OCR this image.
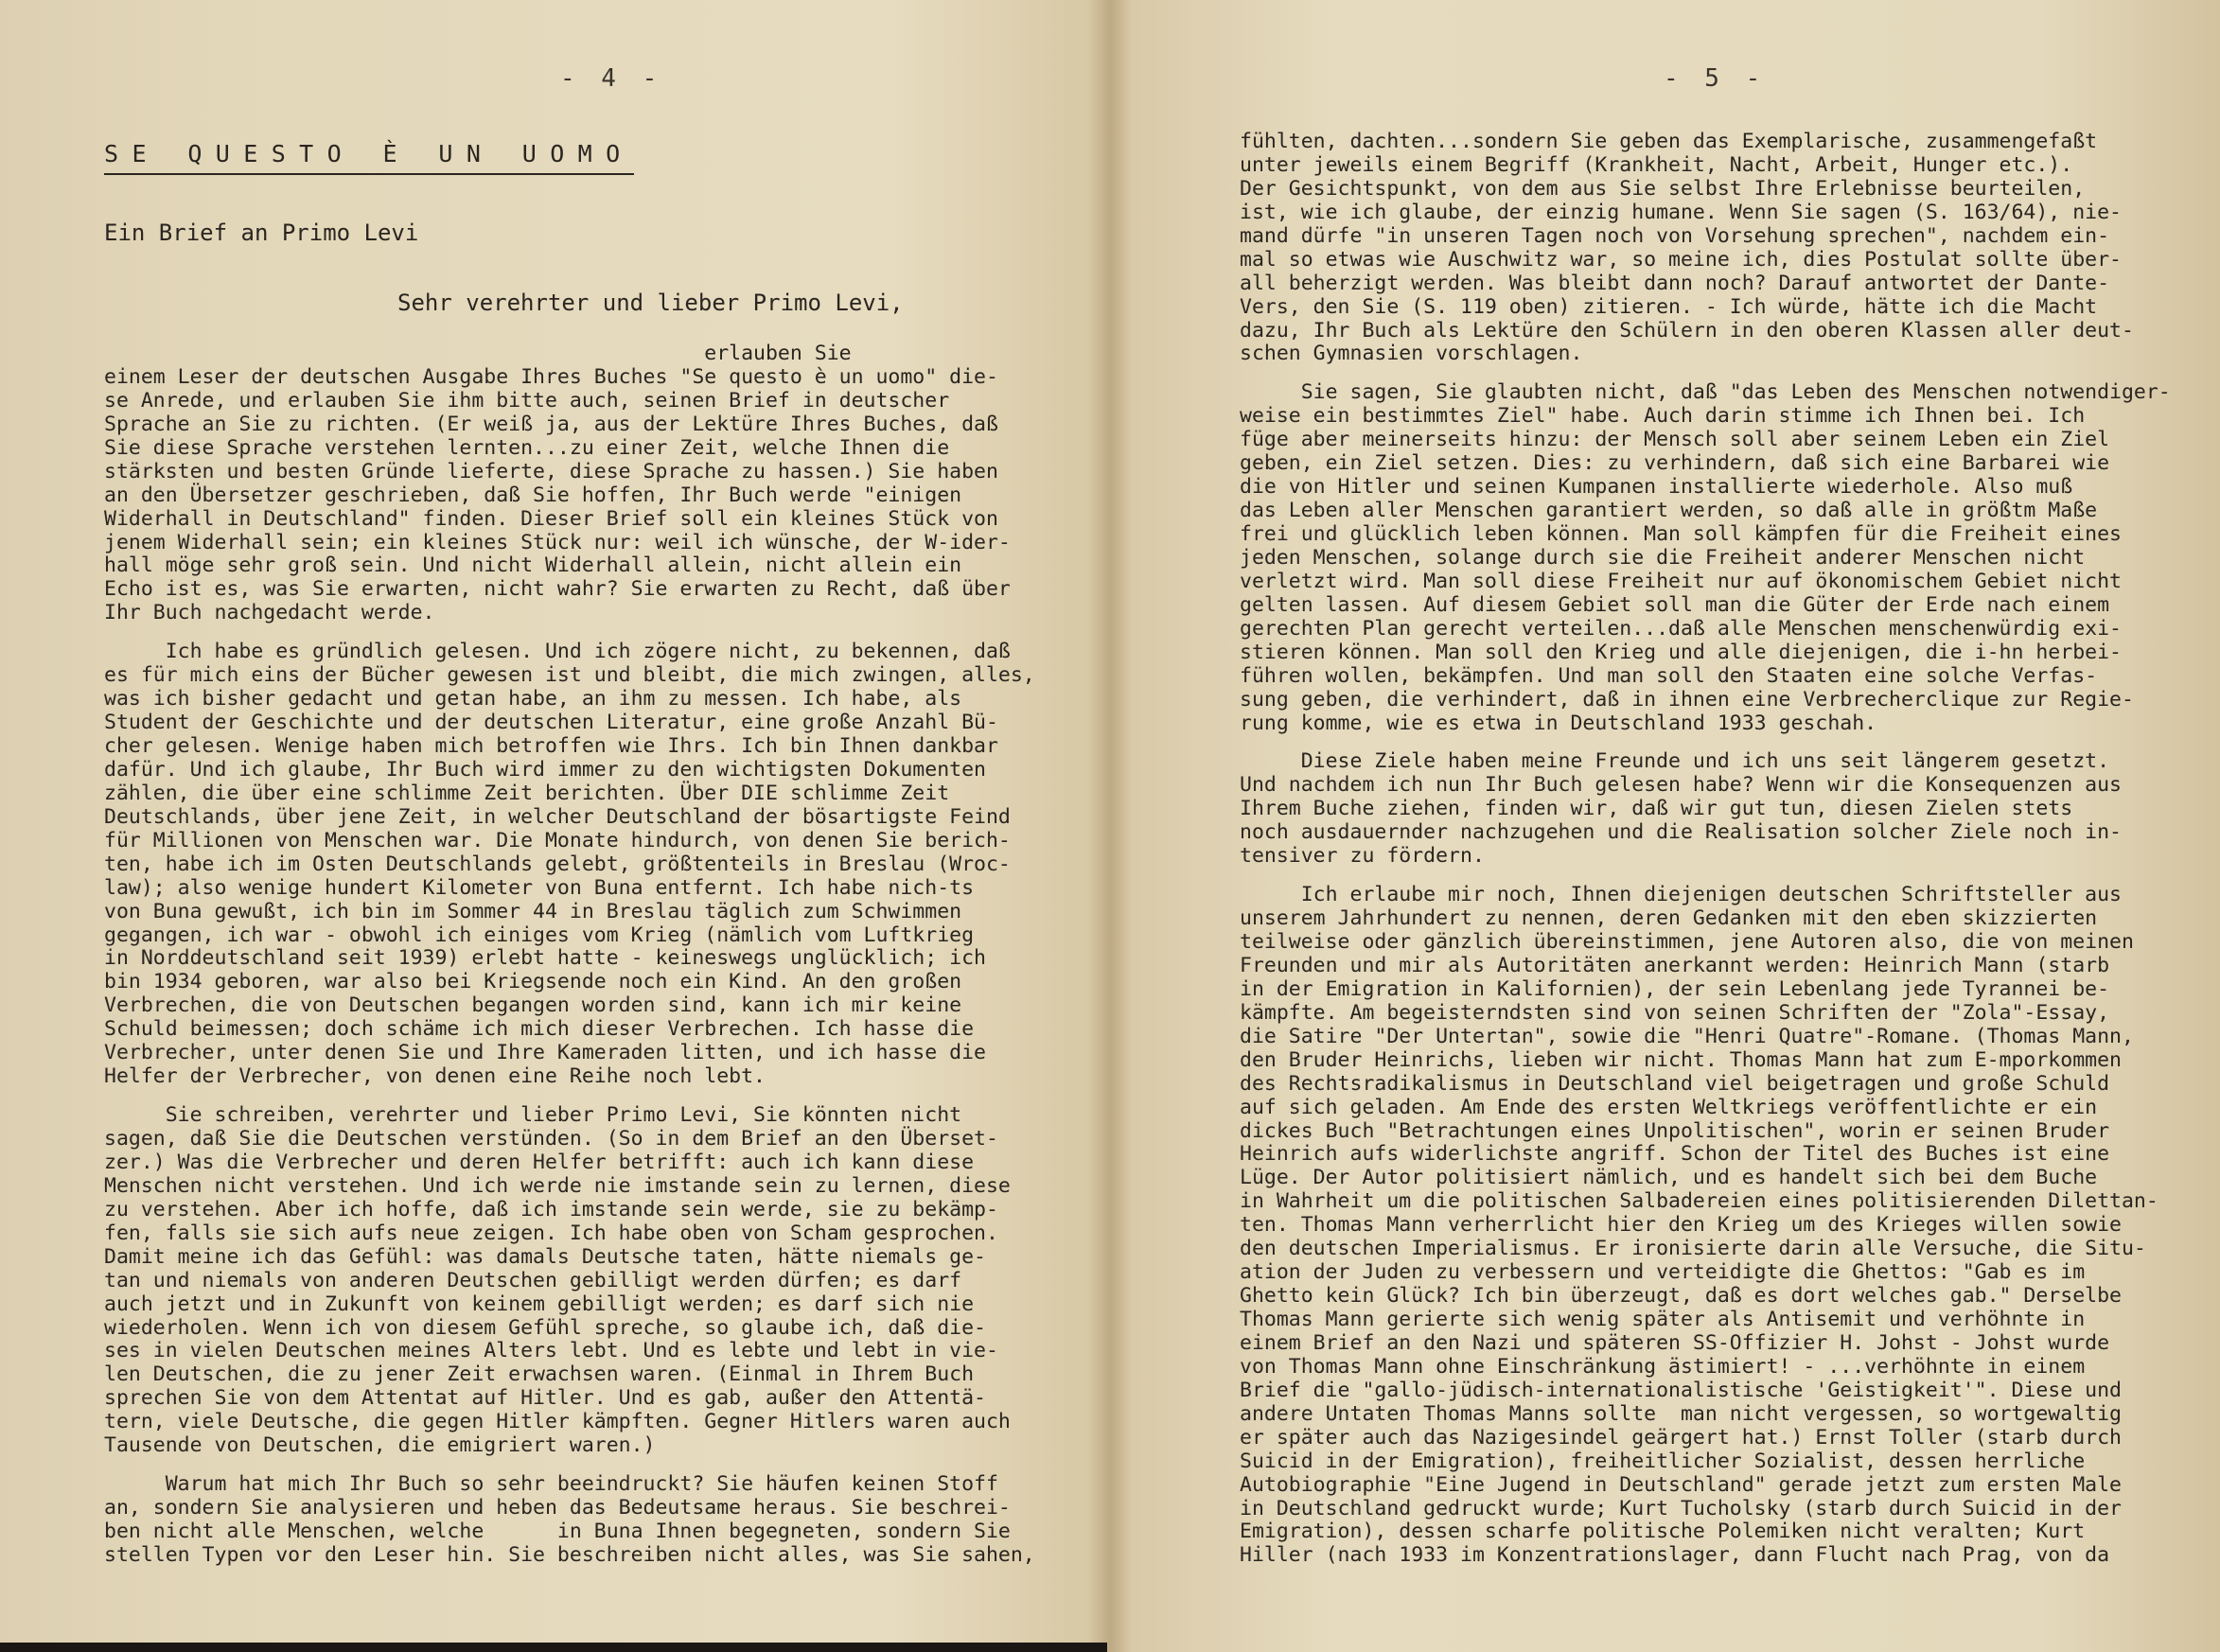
- 4 -	- 5 -
SE QUESTO È UN UOMO
Ein Brief an Primo Levi
Sehr verehrter und lieber Primo Levi,
erlauben Sie
einem Leser der deutschen Ausgabe Ihres Buches "Se questo è un uomo" die-
se Anrede, und erlauben Sie ihm bitte auch, seinen Brief in deutscher
Sprache an Sie zu richten. (Er weiß ja, aus der Lektüre Ihres Buches, daß
Sie diese Sprache verstehen lernten...zu einer Zeit, welche Ihnen die
stärksten und besten Gründe lieferte, diese Sprache zu hassen.) Sie haben
an den Übersetzer geschrieben, daß Sie hoffen, Ihr Buch werde "einigen
Widerhall in Deutschland" finden. Dieser Brief soll ein kleines Stück von
jenem Widerhall sein; ein kleines Stück nur: weil ich wünsche, der W-ider-
hall möge sehr groß sein. Und nicht Widerhall allein, nicht allein ein
Echo ist es, was Sie erwarten, nicht wahr? Sie erwarten zu Recht, daß über
Ihr Buch nachgedacht werde.
Ich habe es gründlich gelesen. Und ich zögere nicht, zu bekennen, daß
es für mich eins der Bücher gewesen ist und bleibt, die mich zwingen, alles,
was ich bisher gedacht und getan habe, an ihm zu messen. Ich habe, als
Student der Geschichte und der deutschen Literatur, eine große Anzahl Bü-
cher gelesen. Wenige haben mich betroffen wie Ihrs. Ich bin Ihnen dankbar
dafür. Und ich glaube, Ihr Buch wird immer zu den wichtigsten Dokumenten
zählen, die über eine schlimme Zeit berichten. Über DIE schlimme Zeit
Deutschlands, über jene Zeit, in welcher Deutschland der bösartigste Feind
für Millionen von Menschen war. Die Monate hindurch, von denen Sie berich-
ten, habe ich im Osten Deutschlands gelebt, größtenteils in Breslau (Wroc-
law); also wenige hundert Kilometer von Buna entfernt. Ich habe nich-ts
von Buna gewußt, ich bin im Sommer 44 in Breslau täglich zum Schwimmen
gegangen, ich war - obwohl ich einiges vom Krieg (nämlich vom Luftkrieg
in Norddeutschland seit 1939) erlebt hatte - keineswegs unglücklich; ich
bin 1934 geboren, war also bei Kriegsende noch ein Kind. An den großen
Verbrechen, die von Deutschen begangen worden sind, kann ich mir keine
Schuld beimessen; doch schäme ich mich dieser Verbrechen. Ich hasse die
Verbrecher, unter denen Sie und Ihre Kameraden litten, und ich hasse die
Helfer der Verbrecher, von denen eine Reihe noch lebt.
Sie schreiben, verehrter und lieber Primo Levi, Sie könnten nicht
sagen, daß Sie die Deutschen verstünden. (So in dem Brief an den Überset-
zer.) Was die Verbrecher und deren Helfer betrifft: auch ich kann diese
Menschen nicht verstehen. Und ich werde nie imstande sein zu lernen, diese
zu verstehen. Aber ich hoffe, daß ich imstande sein werde, sie zu bekämp-
fen, falls sie sich aufs neue zeigen. Ich habe oben von Scham gesprochen.
Damit meine ich das Gefühl: was damals Deutsche taten, hätte niemals ge-
tan und niemals von anderen Deutschen gebilligt werden dürfen; es darf
auch jetzt und in Zukunft von keinem gebilligt werden; es darf sich nie
wiederholen. Wenn ich von diesem Gefühl spreche, so glaube ich, daß die-
ses in vielen Deutschen meines Alters lebt. Und es lebte und lebt in vie-
len Deutschen, die zu jener Zeit erwachsen waren. (Einmal in Ihrem Buch
sprechen Sie von dem Attentat auf Hitler. Und es gab, außer den Attentä-
tern, viele Deutsche, die gegen Hitler kämpften. Gegner Hitlers waren auch
Tausende von Deutschen, die emigriert waren.)
Warum hat mich Ihr Buch so sehr beeindruckt? Sie häufen keinen Stoff
an, sondern Sie analysieren und heben das Bedeutsame heraus. Sie beschrei-
ben nicht alle Menschen, welche      in Buna Ihnen begegneten, sondern Sie
stellen Typen vor den Leser hin. Sie beschreiben nicht alles, was Sie sahen,
fühlten, dachten...sondern Sie geben das Exemplarische, zusammengefaßt
unter jeweils einem Begriff (Krankheit, Nacht, Arbeit, Hunger etc.).
Der Gesichtspunkt, von dem aus Sie selbst Ihre Erlebnisse beurteilen,
ist, wie ich glaube, der einzig humane. Wenn Sie sagen (S. 163/64), nie-
mand dürfe "in unseren Tagen noch von Vorsehung sprechen", nachdem ein-
mal so etwas wie Auschwitz war, so meine ich, dies Postulat sollte über-
all beherzigt werden. Was bleibt dann noch? Darauf antwortet der Dante-
Vers, den Sie (S. 119 oben) zitieren. - Ich würde, hätte ich die Macht
dazu, Ihr Buch als Lektüre den Schülern in den oberen Klassen aller deut-
schen Gymnasien vorschlagen.
Sie sagen, Sie glaubten nicht, daß "das Leben des Menschen notwendiger-
weise ein bestimmtes Ziel" habe. Auch darin stimme ich Ihnen bei. Ich
füge aber meinerseits hinzu: der Mensch soll aber seinem Leben ein Ziel
geben, ein Ziel setzen. Dies: zu verhindern, daß sich eine Barbarei wie
die von Hitler und seinen Kumpanen installierte wiederhole. Also muß
das Leben aller Menschen garantiert werden, so daß alle in größtm Maße
frei und glücklich leben können. Man soll kämpfen für die Freiheit eines
jeden Menschen, solange durch sie die Freiheit anderer Menschen nicht
verletzt wird. Man soll diese Freiheit nur auf ökonomischem Gebiet nicht
gelten lassen. Auf diesem Gebiet soll man die Güter der Erde nach einem
gerechten Plan gerecht verteilen...daß alle Menschen menschenwürdig exi-
stieren können. Man soll den Krieg und alle diejenigen, die i-hn herbei-
führen wollen, bekämpfen. Und man soll den Staaten eine solche Verfas-
sung geben, die verhindert, daß in ihnen eine Verbrecherclique zur Regie-
rung komme, wie es etwa in Deutschland 1933 geschah.
Diese Ziele haben meine Freunde und ich uns seit längerem gesetzt.
Und nachdem ich nun Ihr Buch gelesen habe? Wenn wir die Konsequenzen aus
Ihrem Buche ziehen, finden wir, daß wir gut tun, diesen Zielen stets
noch ausdauernder nachzugehen und die Realisation solcher Ziele noch in-
tensiver zu fördern.
Ich erlaube mir noch, Ihnen diejenigen deutschen Schriftsteller aus
unserem Jahrhundert zu nennen, deren Gedanken mit den eben skizzierten
teilweise oder gänzlich übereinstimmen, jene Autoren also, die von meinen
Freunden und mir als Autoritäten anerkannt werden: Heinrich Mann (starb
in der Emigration in Kalifornien), der sein Lebenlang jede Tyrannei be-
kämpfte. Am begeisterndsten sind von seinen Schriften der "Zola"-Essay,
die Satire "Der Untertan", sowie die "Henri Quatre"-Romane. (Thomas Mann,
den Bruder Heinrichs, lieben wir nicht. Thomas Mann hat zum E-mporkommen
des Rechtsradikalismus in Deutschland viel beigetragen und große Schuld
auf sich geladen. Am Ende des ersten Weltkriegs veröffentlichte er ein
dickes Buch "Betrachtungen eines Unpolitischen", worin er seinen Bruder
Heinrich aufs widerlichste angriff. Schon der Titel des Buches ist eine
Lüge. Der Autor politisiert nämlich, und es handelt sich bei dem Buche
in Wahrheit um die politischen Salbadereien eines politisierenden Dilettan-
ten. Thomas Mann verherrlicht hier den Krieg um des Krieges willen sowie
den deutschen Imperialismus. Er ironisierte darin alle Versuche, die Situ-
ation der Juden zu verbessern und verteidigte die Ghettos: "Gab es im
Ghetto kein Glück? Ich bin überzeugt, daß es dort welches gab." Derselbe
Thomas Mann gerierte sich wenig später als Antisemit und verhöhnte in
einem Brief an den Nazi und späteren SS-Offizier H. Johst - Johst wurde
von Thomas Mann ohne Einschränkung ästimiert! - ...verhöhnte in einem
Brief die "gallo-jüdisch-internationalistische 'Geistigkeit'". Diese und
andere Untaten Thomas Manns sollte  man nicht vergessen, so wortgewaltig
er später auch das Nazigesindel geärgert hat.) Ernst Toller (starb durch
Suicid in der Emigration), freiheitlicher Sozialist, dessen herrliche
Autobiographie "Eine Jugend in Deutschland" gerade jetzt zum ersten Male
in Deutschland gedruckt wurde; Kurt Tucholsky (starb durch Suicid in der
Emigration), dessen scharfe politische Polemiken nicht veralten; Kurt
Hiller (nach 1933 im Konzentrationslager, dann Flucht nach Prag, von da
